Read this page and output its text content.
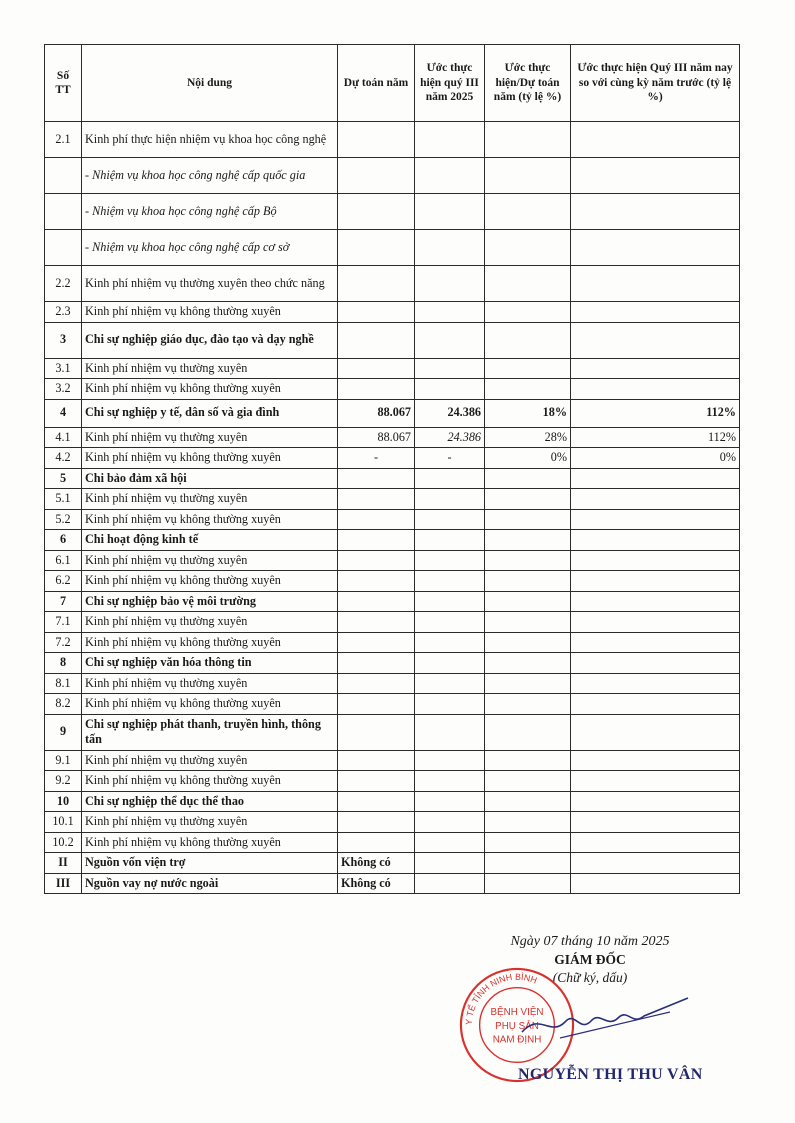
Số TT	Nội dung	Dự toán năm	Ước thực hiện quý III năm 2025	Ước thực hiện/Dự toán năm (tỷ lệ %)	Ước thực hiện Quý III năm nay so với cùng kỳ năm trước (tỷ lệ %)
2.1	Kinh phí thực hiện nhiệm vụ khoa học công nghệ				
	- Nhiệm vụ khoa học công nghệ cấp quốc gia				
	- Nhiệm vụ khoa học công nghệ cấp Bộ				
	- Nhiệm vụ khoa học công nghệ cấp cơ sở				
2.2	Kinh phí nhiệm vụ thường xuyên theo chức năng				
2.3	Kinh phí nhiệm vụ không thường xuyên				
3	Chi sự nghiệp giáo dục, đào tạo và dạy nghề				
3.1	Kinh phí nhiệm vụ thường xuyên				
3.2	Kinh phí nhiệm vụ không thường xuyên				
4	Chi sự nghiệp y tế, dân số và gia đình	88.067	24.386	18%	112%
4.1	Kinh phí nhiệm vụ thường xuyên	88.067	24.386	28%	112%
4.2	Kinh phí nhiệm vụ không thường xuyên	-	-	0%	0%
5	Chi bảo đảm xã hội				
5.1	Kinh phí nhiệm vụ thường xuyên				
5.2	Kinh phí nhiệm vụ không thường xuyên				
6	Chi hoạt động kinh tế				
6.1	Kinh phí nhiệm vụ thường xuyên				
6.2	Kinh phí nhiệm vụ không thường xuyên				
7	Chi sự nghiệp bảo vệ môi trường				
7.1	Kinh phí nhiệm vụ thường xuyên				
7.2	Kinh phí nhiệm vụ không thường xuyên				
8	Chi sự nghiệp văn hóa thông tin				
8.1	Kinh phí nhiệm vụ thường xuyên				
8.2	Kinh phí nhiệm vụ không thường xuyên				
9	Chi sự nghiệp phát thanh, truyền hình, thông tấn				
9.1	Kinh phí nhiệm vụ thường xuyên				
9.2	Kinh phí nhiệm vụ không thường xuyên				
10	Chi sự nghiệp thể dục thể thao				
10.1	Kinh phí nhiệm vụ thường xuyên				
10.2	Kinh phí nhiệm vụ không thường xuyên				
II	Nguồn vốn viện trợ	Không có			
III	Nguồn vay nợ nước ngoài	Không có			
Ngày 07 tháng 10 năm 2025
GIÁM ĐỐC
(Chữ ký, dấu)
Y TẾ TỈNH NINH BÌNH
BỆNH VIỆN
PHỤ SẢN
NAM ĐỊNH
NGUYỄN THỊ THU VÂN
